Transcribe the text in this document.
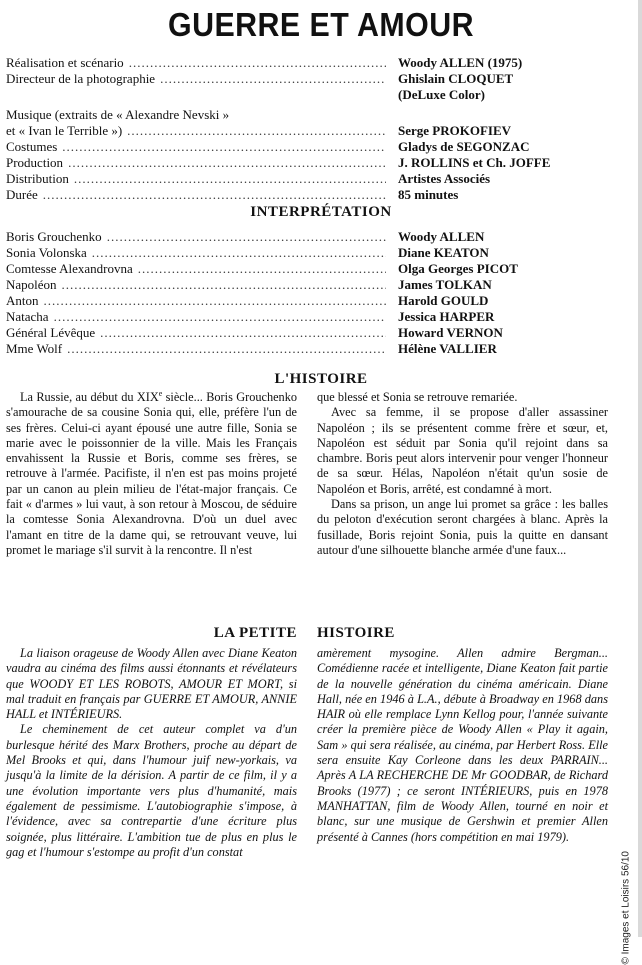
GUERRE ET AMOUR
Réalisation et scénario .....	Woody ALLEN (1975)
Directeur de la photographie .....	Ghislain CLOQUET
(DeLuxe Color)
Musique (extraits de « Alexandre Nevski »
et « Ivan le Terrible ») .....	Serge PROKOFIEV
Costumes .....	Gladys de SEGONZAC
Production .....	J. ROLLINS et Ch. JOFFE
Distribution .....	Artistes Associés
Durée .....	85 minutes
INTERPRÉTATION
Boris Grouchenko .....	Woody ALLEN
Sonia Volonska .....	Diane KEATON
Comtesse Alexandrovna .....	Olga Georges PICOT
Napoléon .....	James TOLKAN
Anton .....	Harold GOULD
Natacha .....	Jessica HARPER
Général Lévêque .....	Howard VERNON
Mme Wolf .....	Hélène VALLIER
L'HISTOIRE

La Russie, au début du XIXe siècle... Boris Grouchenko s'amourache de sa cousine Sonia qui, elle, préfère l'un de ses frères. Celui-ci ayant épousé une autre fille, Sonia se marie avec le poissonnier de la ville. Mais les Français envahissent la Russie et Boris, comme ses frères, se retrouve à l'armée. Pacifiste, il n'en est pas moins projeté par un canon au plein milieu de l'état-major français. Ce fait « d'armes » lui vaut, à son retour à Moscou, de séduire la comtesse Sonia Alexandrovna. D'où un duel avec l'amant en titre de la dame qui, se retrouvant veuve, lui promet le mariage s'il survit à la rencontre. Il n'est

que blessé et Sonia se retrouve remariée.

Avec sa femme, il se propose d'aller assassiner Napoléon ; ils se présentent comme frère et sœur, et, Napoléon est séduit par Sonia qu'il rejoint dans sa chambre. Boris peut alors intervenir pour venger l'honneur de sa sœur. Hélas, Napoléon n'était qu'un sosie de Napoléon et Boris, arrêté, est condamné à mort.

Dans sa prison, un ange lui promet sa grâce : les balles du peloton d'exécution seront chargées à blanc. Après la fusillade, Boris rejoint Sonia, puis la quitte en dansant autour d'une silhouette blanche armée d'une faux...

LA PETITE HISTOIRE

La liaison orageuse de Woody Allen avec Diane Keaton vaudra au cinéma des films aussi étonnants et révélateurs que WOODY ET LES ROBOTS, AMOUR ET MORT, si mal traduit en français par GUERRE ET AMOUR, ANNIE HALL et INTÉRIEURS.

Le cheminement de cet auteur complet va d'un burlesque hérité des Marx Brothers, proche au départ de Mel Brooks et qui, dans l'humour juif new-yorkais, va jusqu'à la limite de la dérision. A partir de ce film, il y a une évolution importante vers plus d'humanité, mais également de pessimisme. L'autobiographie s'impose, à l'évidence, avec sa contrepartie d'une écriture plus soignée, plus littéraire. L'ambition tue de plus en plus le gag et l'humour s'estompe au profit d'un constat

amèrement mysogine. Allen admire Bergman... Comédienne racée et intelligente, Diane Keaton fait partie de la nouvelle génération du cinéma américain. Diane Hall, née en 1946 à L.A., débute à Broadway en 1968 dans HAIR où elle remplace Lynn Kellog pour, l'année suivante créer la première pièce de Woody Allen « Play it again, Sam » qui sera réalisée, au cinéma, par Herbert Ross. Elle sera ensuite Kay Corleone dans les deux PARRAIN... Après A LA RECHERCHE DE Mr GOODBAR, de Richard Brooks (1977) ; ce seront INTÉRIEURS, puis en 1978 MANHATTAN, film de Woody Allen, tourné en noir et blanc, sur une musique de Gershwin et premier Allen présenté à Cannes (hors compétition en mai 1979).

© Images et Loisirs 56/10
